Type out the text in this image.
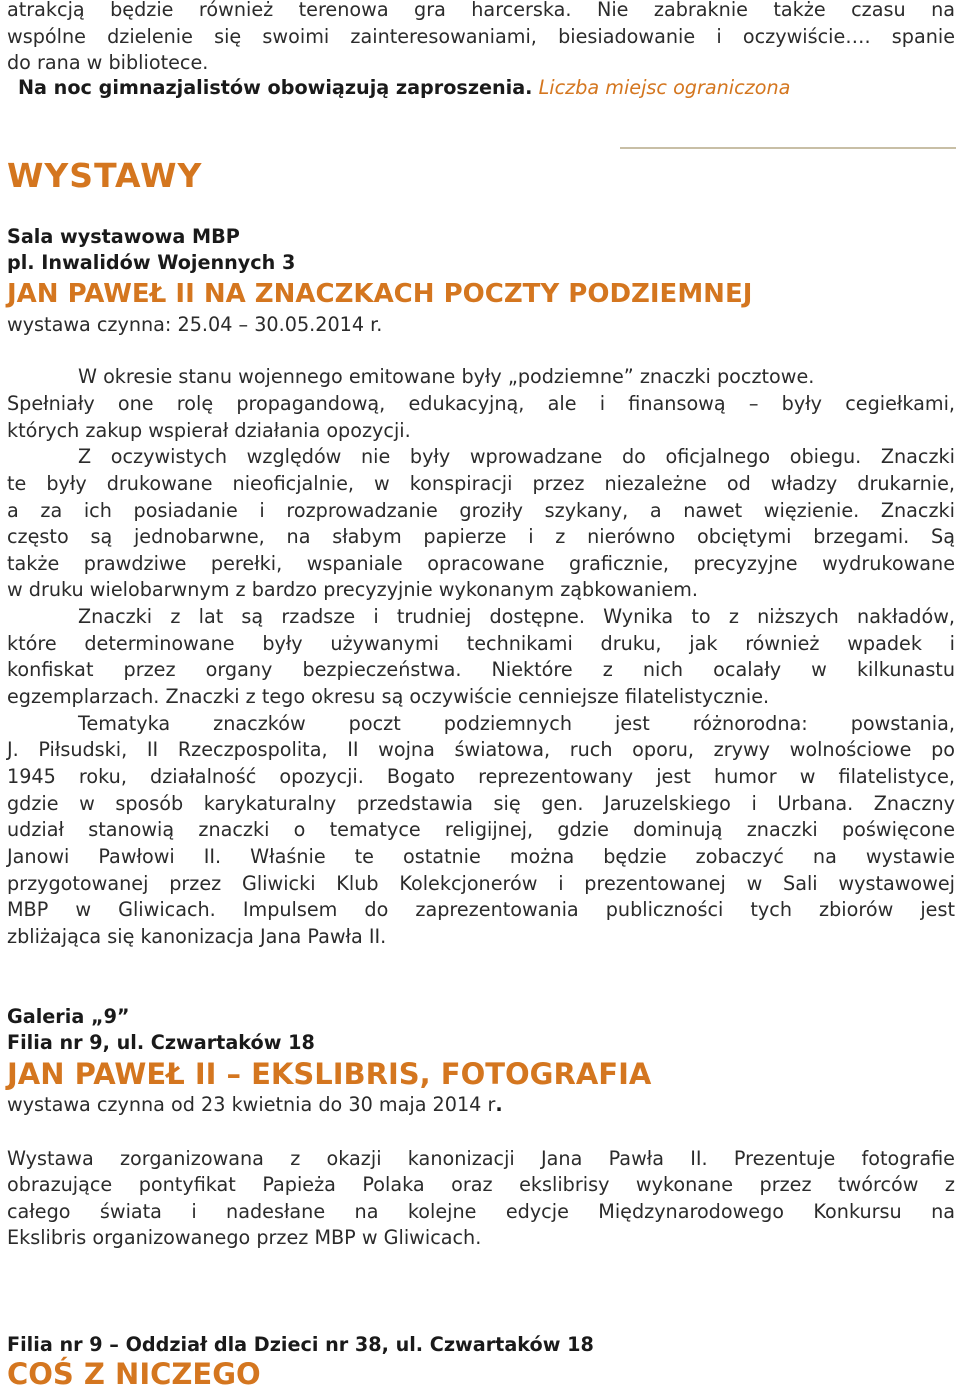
atrakcją będzie również terenowa gra harcerska. Nie zabraknie także czasu na

wspólne dzielenie się swoimi zainteresowaniami, biesiadowanie i oczywiście…. spanie

do rana w bibliotece.

Na noc gimnazjalistów obowiązują zaproszenia. Liczba miejsc ograniczona

WYSTAWY

Sala wystawowa MBP

pl. Inwalidów Wojennych 3

JAN PAWEŁ II NA ZNACZKACH POCZTY PODZIEMNEJ

wystawa czynna: 25.04 – 30.05.2014 r.

W okresie stanu wojennego emitowane były „podziemne” znaczki pocztowe.

Spełniały one rolę propagandową, edukacyjną, ale i finansową – były cegiełkami,

których zakup wspierał działania opozycji.

Z oczywistych względów nie były wprowadzane do oficjalnego obiegu. Znaczki

te były drukowane nieoficjalnie, w konspiracji przez niezależne od władzy drukarnie,

a za ich posiadanie i rozprowadzanie groziły szykany, a nawet więzienie. Znaczki

często są jednobarwne, na słabym papierze i z nierówno obciętymi brzegami. Są

także prawdziwe perełki, wspaniale opracowane graficznie, precyzyjne wydrukowane

w druku wielobarwnym z bardzo precyzyjnie wykonanym ząbkowaniem.

Znaczki z lat są rzadsze i trudniej dostępne. Wynika to z niższych nakładów,

które determinowane były używanymi technikami druku, jak również wpadek i

konfiskat przez organy bezpieczeństwa. Niektóre z nich ocalały w kilkunastu

egzemplarzach. Znaczki z tego okresu są oczywiście cenniejsze filatelistycznie.

Tematyka znaczków poczt podziemnych jest różnorodna: powstania,

J. Piłsudski, II Rzeczpospolita, II wojna światowa, ruch oporu, zrywy wolnościowe po

1945 roku, działalność opozycji. Bogato reprezentowany jest humor w filatelistyce,

gdzie w sposób karykaturalny przedstawia się gen. Jaruzelskiego i Urbana. Znaczny

udział stanowią znaczki o tematyce religijnej, gdzie dominują znaczki poświęcone

Janowi Pawłowi II. Właśnie te ostatnie można będzie zobaczyć na wystawie

przygotowanej przez Gliwicki Klub Kolekcjonerów i prezentowanej w Sali wystawowej

MBP w Gliwicach. Impulsem do zaprezentowania publiczności tych zbiorów jest

zbliżająca się kanonizacja Jana Pawła II.

Galeria „9”

Filia nr 9, ul. Czwartaków 18

JAN PAWEŁ II – EKSLIBRIS, FOTOGRAFIA

wystawa czynna od 23 kwietnia do 30 maja 2014 r.

Wystawa zorganizowana z okazji kanonizacji Jana Pawła II. Prezentuje fotografie

obrazujące pontyfikat Papieża Polaka oraz ekslibrisy wykonane przez twórców z

całego świata i nadesłane na kolejne edycje Międzynarodowego Konkursu na

Ekslibris organizowanego przez MBP w Gliwicach.

Filia nr 9 – Oddział dla Dzieci nr 38, ul. Czwartaków 18

COŚ Z NICZEGO
